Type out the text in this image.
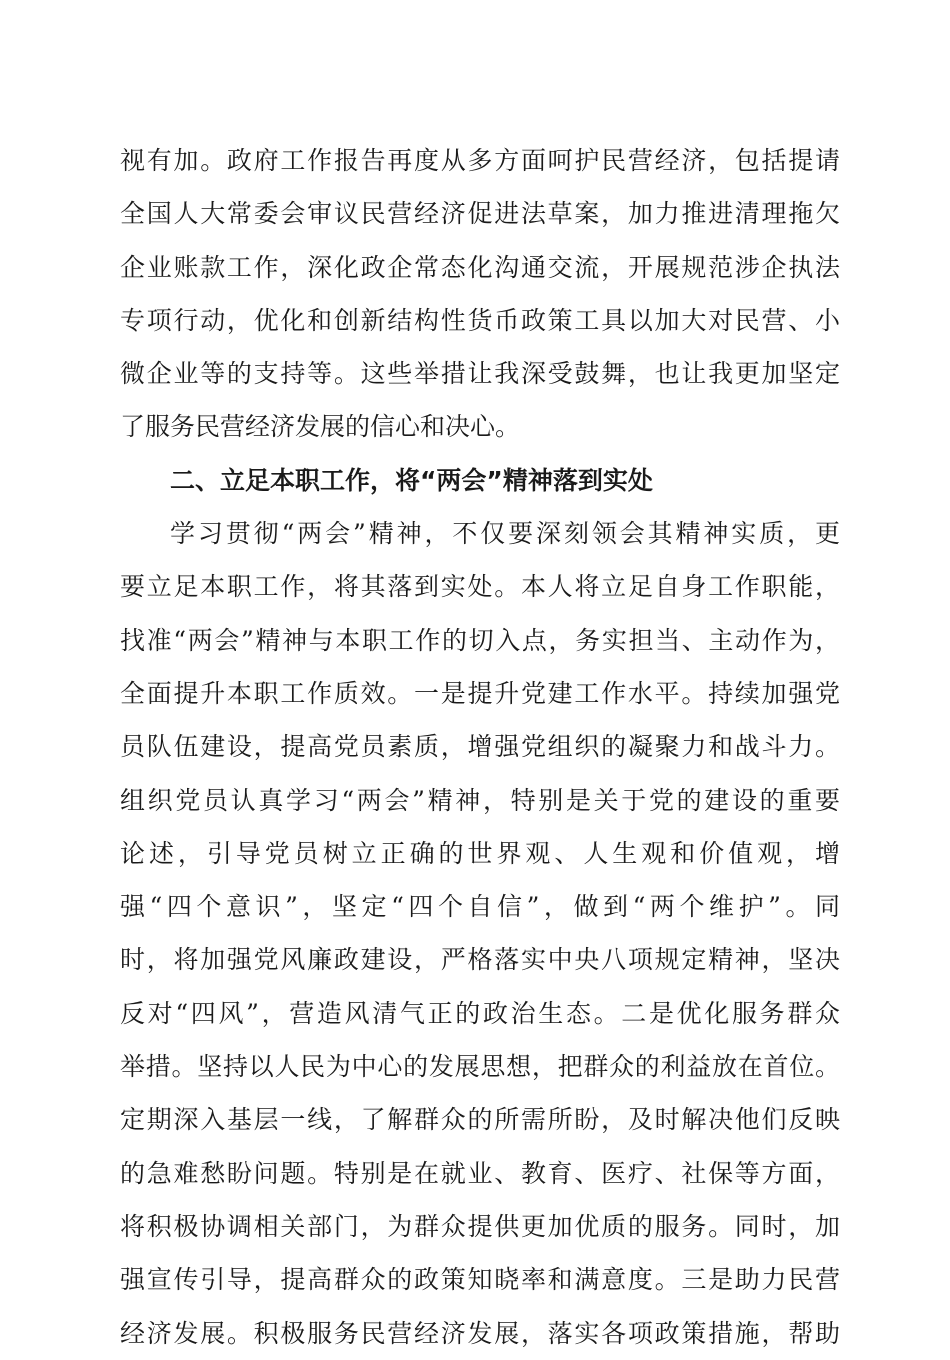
视有加。政府工作报告再度从多方面呵护民营经济，包括提请
全国人大常委会审议民营经济促进法草案，加力推进清理拖欠
企业账款工作，深化政企常态化沟通交流，开展规范涉企执法
专项行动，优化和创新结构性货币政策工具以加大对民营、小
微企业等的支持等。这些举措让我深受鼓舞，也让我更加坚定
了服务民营经济发展的信心和决心。
二、立足本职工作，将“两会”精神落到实处
学习贯彻“两会”精神，不仅要深刻领会其精神实质，更
要立足本职工作，将其落到实处。本人将立足自身工作职能，
找准“两会”精神与本职工作的切入点，务实担当、主动作为，
全面提升本职工作质效。一是提升党建工作水平。持续加强党
员队伍建设，提高党员素质，增强党组织的凝聚力和战斗力。
组织党员认真学习“两会”精神，特别是关于党的建设的重要
论述，引导党员树立正确的世界观、人生观和价值观，增
强“四个意识”，坚定“四个自信”，做到“两个维护”。同
时，将加强党风廉政建设，严格落实中央八项规定精神，坚决
反对“四风”，营造风清气正的政治生态。二是优化服务群众
举措。坚持以人民为中心的发展思想，把群众的利益放在首位。
定期深入基层一线，了解群众的所需所盼，及时解决他们反映
的急难愁盼问题。特别是在就业、教育、医疗、社保等方面，
将积极协调相关部门，为群众提供更加优质的服务。同时，加
强宣传引导，提高群众的政策知晓率和满意度。三是助力民营
经济发展。积极服务民营经济发展，落实各项政策措施，帮助
